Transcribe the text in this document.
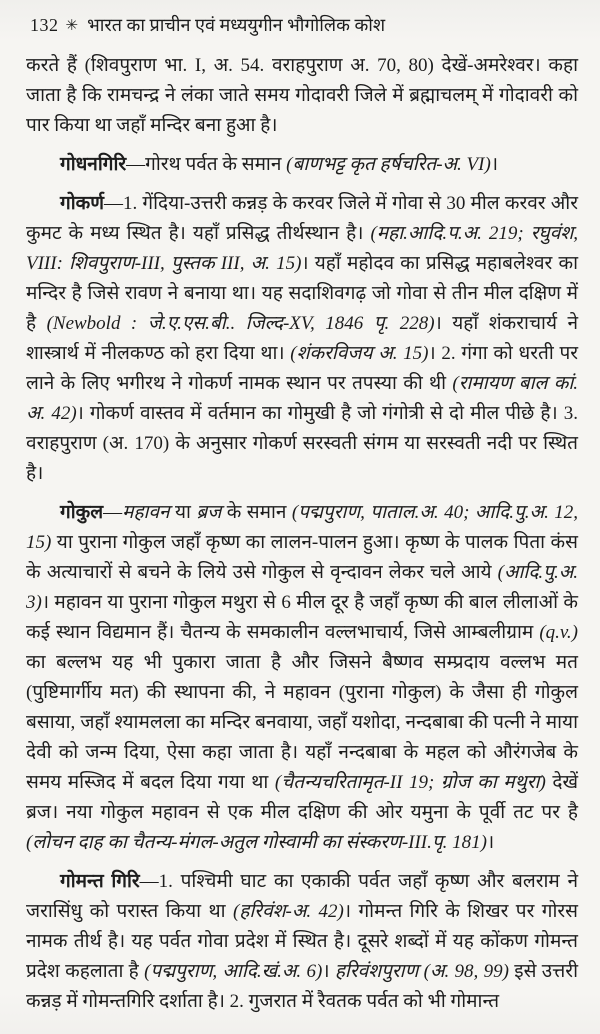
132 ✳ भारत का प्राचीन एवं मध्ययुगीन भौगोलिक कोश

करते हैं (शिवपुराण भा. I, अ. 54. वराहपुराण अ. 70, 80) देखें-अमरेश्वर। कहा जाता है कि रामचन्द्र ने लंका जाते समय गोदावरी जिले में ब्रह्माचलम् में गोदावरी को पार किया था जहाँ मन्दिर बना हुआ है।

गोधनगिरि—गोरथ पर्वत के समान (बाणभट्ट कृत हर्षचरित-अ. VI)।

गोकर्ण—1. गेंदिया-उत्तरी कन्नड़ के करवर जिले में गोवा से 30 मील करवर और कुमट के मध्य स्थित है। यहाँ प्रसिद्ध तीर्थस्थान है। (महा.आदि.प.अ. 219; रघुवंश, VIII: शिवपुराण-III, पुस्तक III, अ. 15)। यहाँ महोदव का प्रसिद्ध महाबलेश्वर का मन्दिर है जिसे रावण ने बनाया था। यह सदाशिवगढ़ जो गोवा से तीन मील दक्षिण में है (Newbold : जे.ए.एस.बी.. जिल्द-XV, 1846 पृ. 228)। यहाँ शंकराचार्य ने शास्त्रार्थ में नीलकण्ठ को हरा दिया था। (शंकरविजय अ. 15)। 2. गंगा को धरती पर लाने के लिए भगीरथ ने गोकर्ण नामक स्थान पर तपस्या की थी (रामायण बाल कां. अ. 42)। गोकर्ण वास्तव में वर्तमान का गोमुखी है जो गंगोत्री से दो मील पीछे है। 3. वराहपुराण (अ. 170) के अनुसार गोकर्ण सरस्वती संगम या सरस्वती नदी पर स्थित है।

गोकुल—महावन या ब्रज के समान (पद्मपुराण, पाताल.अ. 40; आदि.पु.अ. 12, 15) या पुराना गोकुल जहाँ कृष्ण का लालन-पालन हुआ। कृष्ण के पालक पिता कंस के अत्याचारों से बचने के लिये उसे गोकुल से वृन्दावन लेकर चले आये (आदि.पु.अ. 3)। महावन या पुराना गोकुल मथुरा से 6 मील दूर है जहाँ कृष्ण की बाल लीलाओं के कई स्थान विद्यमान हैं। चैतन्य के समकालीन वल्लभाचार्य, जिसे आम्बलीग्राम (q.v.) का बल्लभ यह भी पुकारा जाता है और जिसने बैष्णव सम्प्रदाय वल्लभ मत (पुष्टिमार्गीय मत) की स्थापना की, ने महावन (पुराना गोकुल) के जैसा ही गोकुल बसाया, जहाँ श्यामलला का मन्दिर बनवाया, जहाँ यशोदा, नन्दबाबा की पत्नी ने माया देवी को जन्म दिया, ऐसा कहा जाता है। यहाँ नन्दबाबा के महल को औरंगजेब के समय मस्जिद में बदल दिया गया था (चैतन्यचरितामृत-II 19; ग्रोज का मथुरा) देखें ब्रज। नया गोकुल महावन से एक मील दक्षिण की ओर यमुना के पूर्वी तट पर है (लोचन दाह का चैतन्य-मंगल-अतुल गोस्वामी का संस्करण-III.पृ. 181)।

गोमन्त गिरि—1. पश्चिमी घाट का एकाकी पर्वत जहाँ कृष्ण और बलराम ने जरासिंधु को परास्त किया था (हरिवंश-अ. 42)। गोमन्त गिरि के शिखर पर गोरस नामक तीर्थ है। यह पर्वत गोवा प्रदेश में स्थित है। दूसरे शब्दों में यह कोंकण गोमन्त प्रदेश कहलाता है (पद्मपुराण, आदि.खं.अ. 6)। हरिवंशपुराण (अ. 98, 99) इसे उत्तरी कन्नड़ में गोमन्तगिरि दर्शाता है। 2. गुजरात में रैवतक पर्वत को भी गोमान्त
